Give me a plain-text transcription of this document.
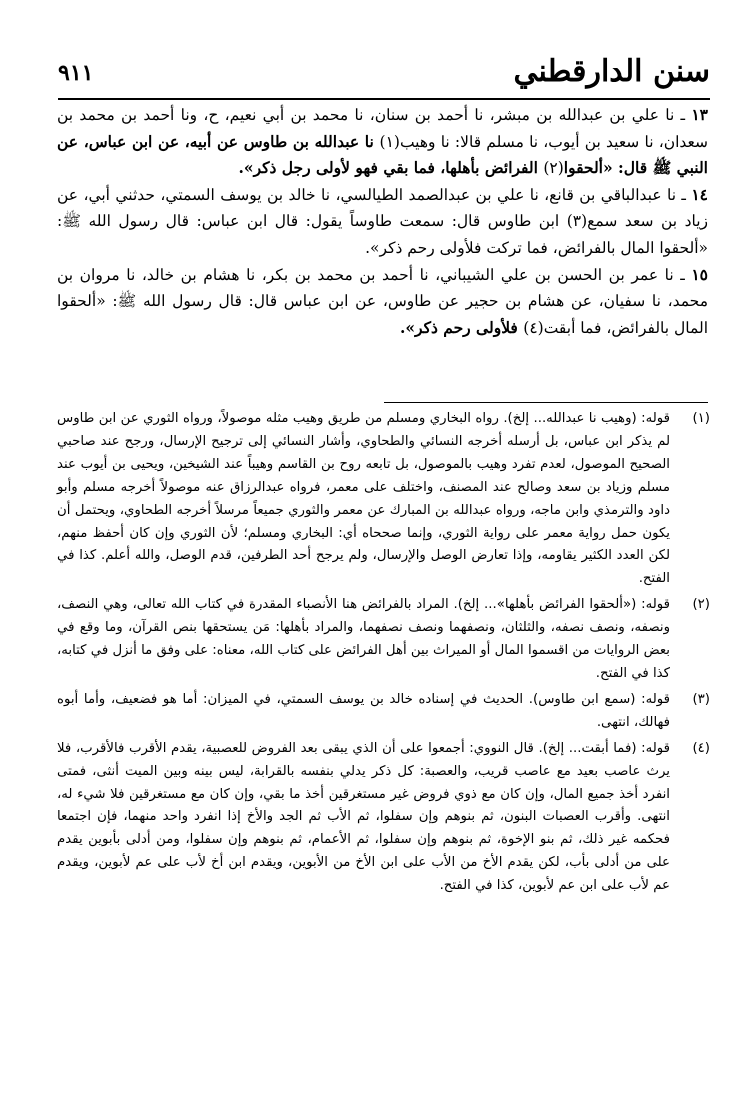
سنن الدارقطني
٩١١

١٣ ـ نا علي بن عبدالله بن مبشر، نا أحمد بن سنان، نا محمد بن أبي نعيم، ح، ونا أحمد بن محمد بن سعدان، نا سعيد بن أيوب، نا مسلم قالا: نا وهيب(١) نا عبدالله بن طاوس عن أبيه، عن ابن عباس، عن النبي ﷺ قال: «ألحقوا(٢) الفرائض بأهلها، فما بقي فهو لأولى رجل ذكر».

١٤ ـ نا عبدالباقي بن قانع، نا علي بن عبدالصمد الطيالسي، نا خالد بن يوسف السمتي، حدثني أبي، عن زياد بن سعد سمع(٣) ابن طاوس قال: سمعت طاوساً يقول: قال ابن عباس: قال رسول الله ﷺ: «ألحقوا المال بالفرائض، فما تركت فلأولى رحم ذكر».

١٥ ـ نا عمر بن الحسن بن علي الشيباني، نا أحمد بن محمد بن بكر، نا هشام بن خالد، نا مروان بن محمد، نا سفيان، عن هشام بن حجير عن طاوس، عن ابن عباس قال: قال رسول الله ﷺ: «ألحقوا المال بالفرائض، فما أبقت(٤) فلأولى رحم ذكر».

(١)
قوله: (وهيب نا عبدالله... إلخ). رواه البخاري ومسلم من طريق وهيب مثله موصولاً، ورواه الثوري عن ابن طاوس لم يذكر ابن عباس، بل أرسله أخرجه النسائي والطحاوي، وأشار النسائي إلى ترجيح الإرسال، ورجح عند صاحبي الصحيح الموصول، لعدم تفرد وهيب بالموصول، بل تابعه روح بن القاسم وهيباً عند الشيخين، ويحيى بن أيوب عند مسلم وزياد بن سعد وصالح عند المصنف، واختلف على معمر، فرواه عبدالرزاق عنه موصولاً أخرجه مسلم وأبو داود والترمذي وابن ماجه، ورواه عبدالله بن المبارك عن معمر والثوري جميعاً مرسلاً أخرجه الطحاوي، ويحتمل أن يكون حمل رواية معمر على رواية الثوري، وإنما صححاه أي: البخاري ومسلم؛ لأن الثوري وإن كان أحفظ منهم، لكن العدد الكثير يقاومه، وإذا تعارض الوصل والإرسال، ولم يرجح أحد الطرفين، قدم الوصل، والله أعلم. كذا في الفتح.
(٢)
قوله: («ألحقوا الفرائض بأهلها»... إلخ). المراد بالفرائض هنا الأنصباء المقدرة في كتاب الله تعالى، وهي النصف، ونصفه، ونصف نصفه، والثلثان، ونصفهما ونصف نصفهما، والمراد بأهلها: مَن يستحقها بنص القرآن، وما وقع في بعض الروايات من اقسموا المال أو الميراث بين أهل الفرائض على كتاب الله، معناه: على وفق ما أنزل في كتابه، كذا في الفتح.
(٣)
قوله: (سمع ابن طاوس). الحديث في إسناده خالد بن يوسف السمتي، في الميزان: أما هو فضعيف، وأما أبوه فهالك، انتهى.
(٤)
قوله: (فما أبقت... إلخ). قال النووي: أجمعوا على أن الذي يبقى بعد الفروض للعصبية، يقدم الأقرب فالأقرب، فلا يرث عاصب بعيد مع عاصب قريب، والعصبة: كل ذكر يدلي بنفسه بالقرابة، ليس بينه وبين الميت أنثى، فمتى انفرد أخذ جميع المال، وإن كان مع ذوي فروض غير مستغرقين أخذ ما بقي، وإن كان مع مستغرقين فلا شيء له، انتهى. وأقرب العصبات البنون، ثم بنوهم وإن سفلوا، ثم الأب ثم الجد والأخ إذا انفرد واحد منهما، فإن اجتمعا فحكمه غير ذلك، ثم بنو الإخوة، ثم بنوهم وإن سفلوا، ثم الأعمام، ثم بنوهم وإن سفلوا، ومن أدلى بأبوين يقدم على من أدلى بأب، لكن يقدم الأخ من الأب على ابن الأخ من الأبوين، ويقدم ابن أخ لأب على عم لأبوين، ويقدم عم لأب على ابن عم لأبوين، كذا في الفتح.
